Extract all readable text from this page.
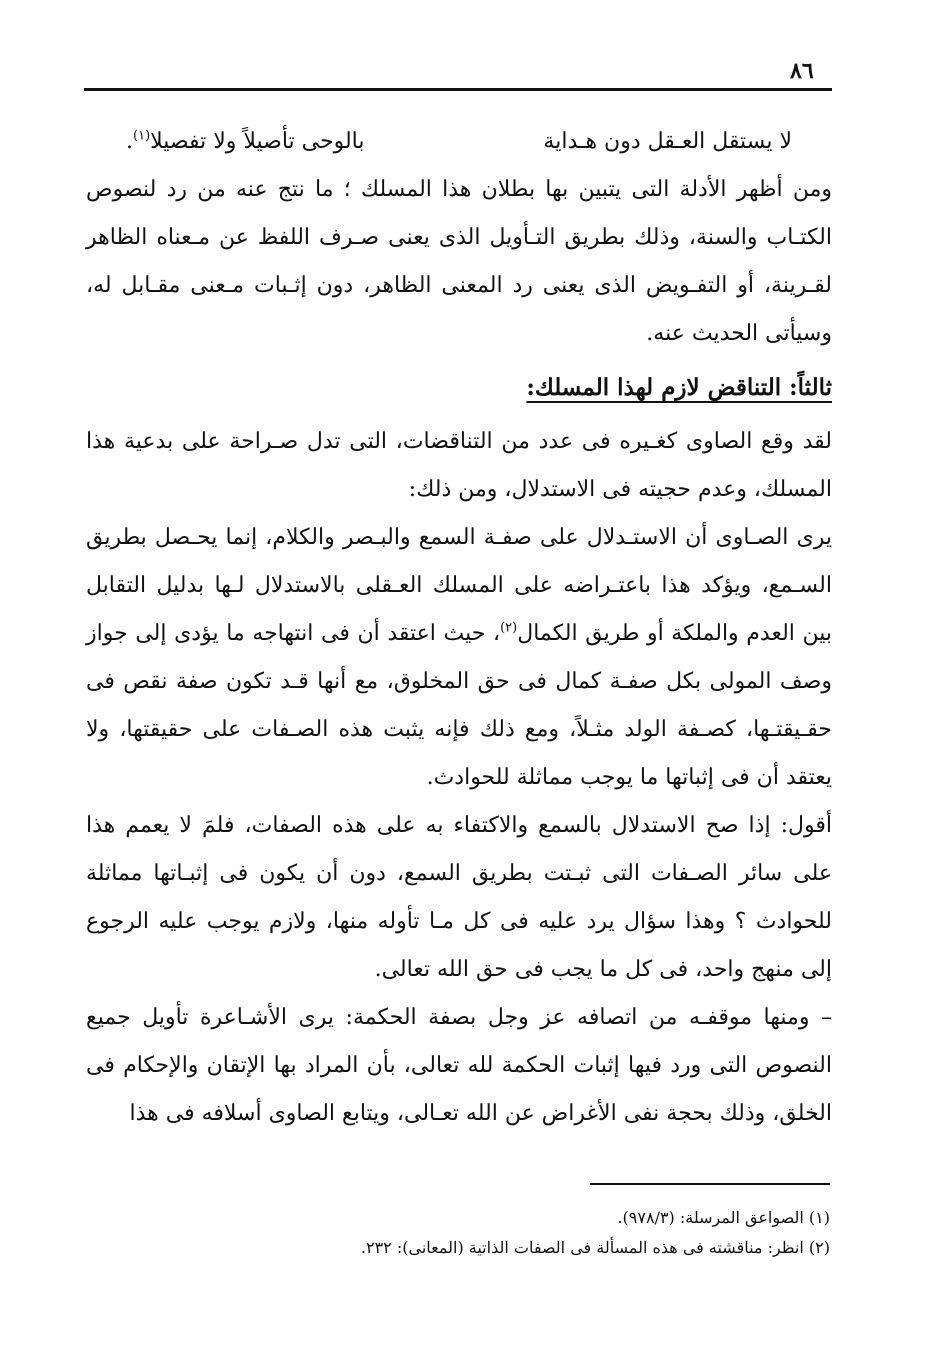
٨٦
لا يستقل العـقل دون هـداية
بالوحى تأصيلاً ولا تفصيلا$^{(١)}$.

ومن أظهر الأدلة التى يتبين بها بطلان هذا المسلك ؛ ما نتج عنه من رد لنصوص الكتـاب والسنة، وذلك بطريق التـأويل الذى يعنى صـرف اللفظ عن مـعناه الظاهر لقـرينة، أو التفـويض الذى يعنى رد المعنى الظاهر، دون إثـبات مـعنى مقـابل له، وسيأتى الحديث عنه.

ثالثاً: التناقض لازم لهذا المسلك:

لقد وقع الصاوى كغـيره فى عدد من التناقضات، التى تدل صـراحة على بدعية هذا المسلك، وعدم حجيته فى الاستدلال، ومن ذلك:

يرى الصـاوى أن الاستـدلال على صفـة السمع والبـصر والكلام، إنما يحـصل بطريق السـمع، ويؤكد هذا باعتـراضه على المسلك العـقلى بالاستدلال لـها بدليل التقابل بين العدم والملكة أو طريق الكمال$^{(٢)}$، حيث اعتقد أن فى انتهاجه ما يؤدى إلى جواز وصف المولى بكل صفـة كمال فى حق المخلوق، مع أنها قـد تكون صفة نقص فى حقـيقتـها، كصـفة الولد مثـلاً، ومع ذلك فإنه يثبت هذه الصـفات على حقيقتها، ولا يعتقد أن فى إثباتها ما يوجب مماثلة للحوادث.

أقول: إذا صح الاستدلال بالسمع والاكتفاء به على هذه الصفات، فلمَ لا يعمم هذا على سائر الصـفات التى ثبـتت بطريق السمع، دون أن يكون فى إثبـاتها مماثلة للحوادث ؟ وهذا سؤال يرد عليه فى كل مـا تأوله منها، ولازم يوجب عليه الرجوع إلى منهج واحد، فى كل ما يجب فى حق الله تعالى.

– ومنها موقفـه من اتصافه عز وجل بصفة الحكمة: يرى الأشـاعرة تأويل جميع النصوص التى ورد فيها إثبات الحكمة لله تعالى، بأن المراد بها الإتقان والإحكام فى الخلق، وذلك بحجة نفى الأغراض عن الله تعـالى، ويتابع الصاوى أسلافه فى هذا

(١) الصواعق المرسلة: (٩٧٨/٣).

(٢) انظر: مناقشته فى هذه المسألة فى الصفات الذاتية (المعانى): ٢٣٢.
